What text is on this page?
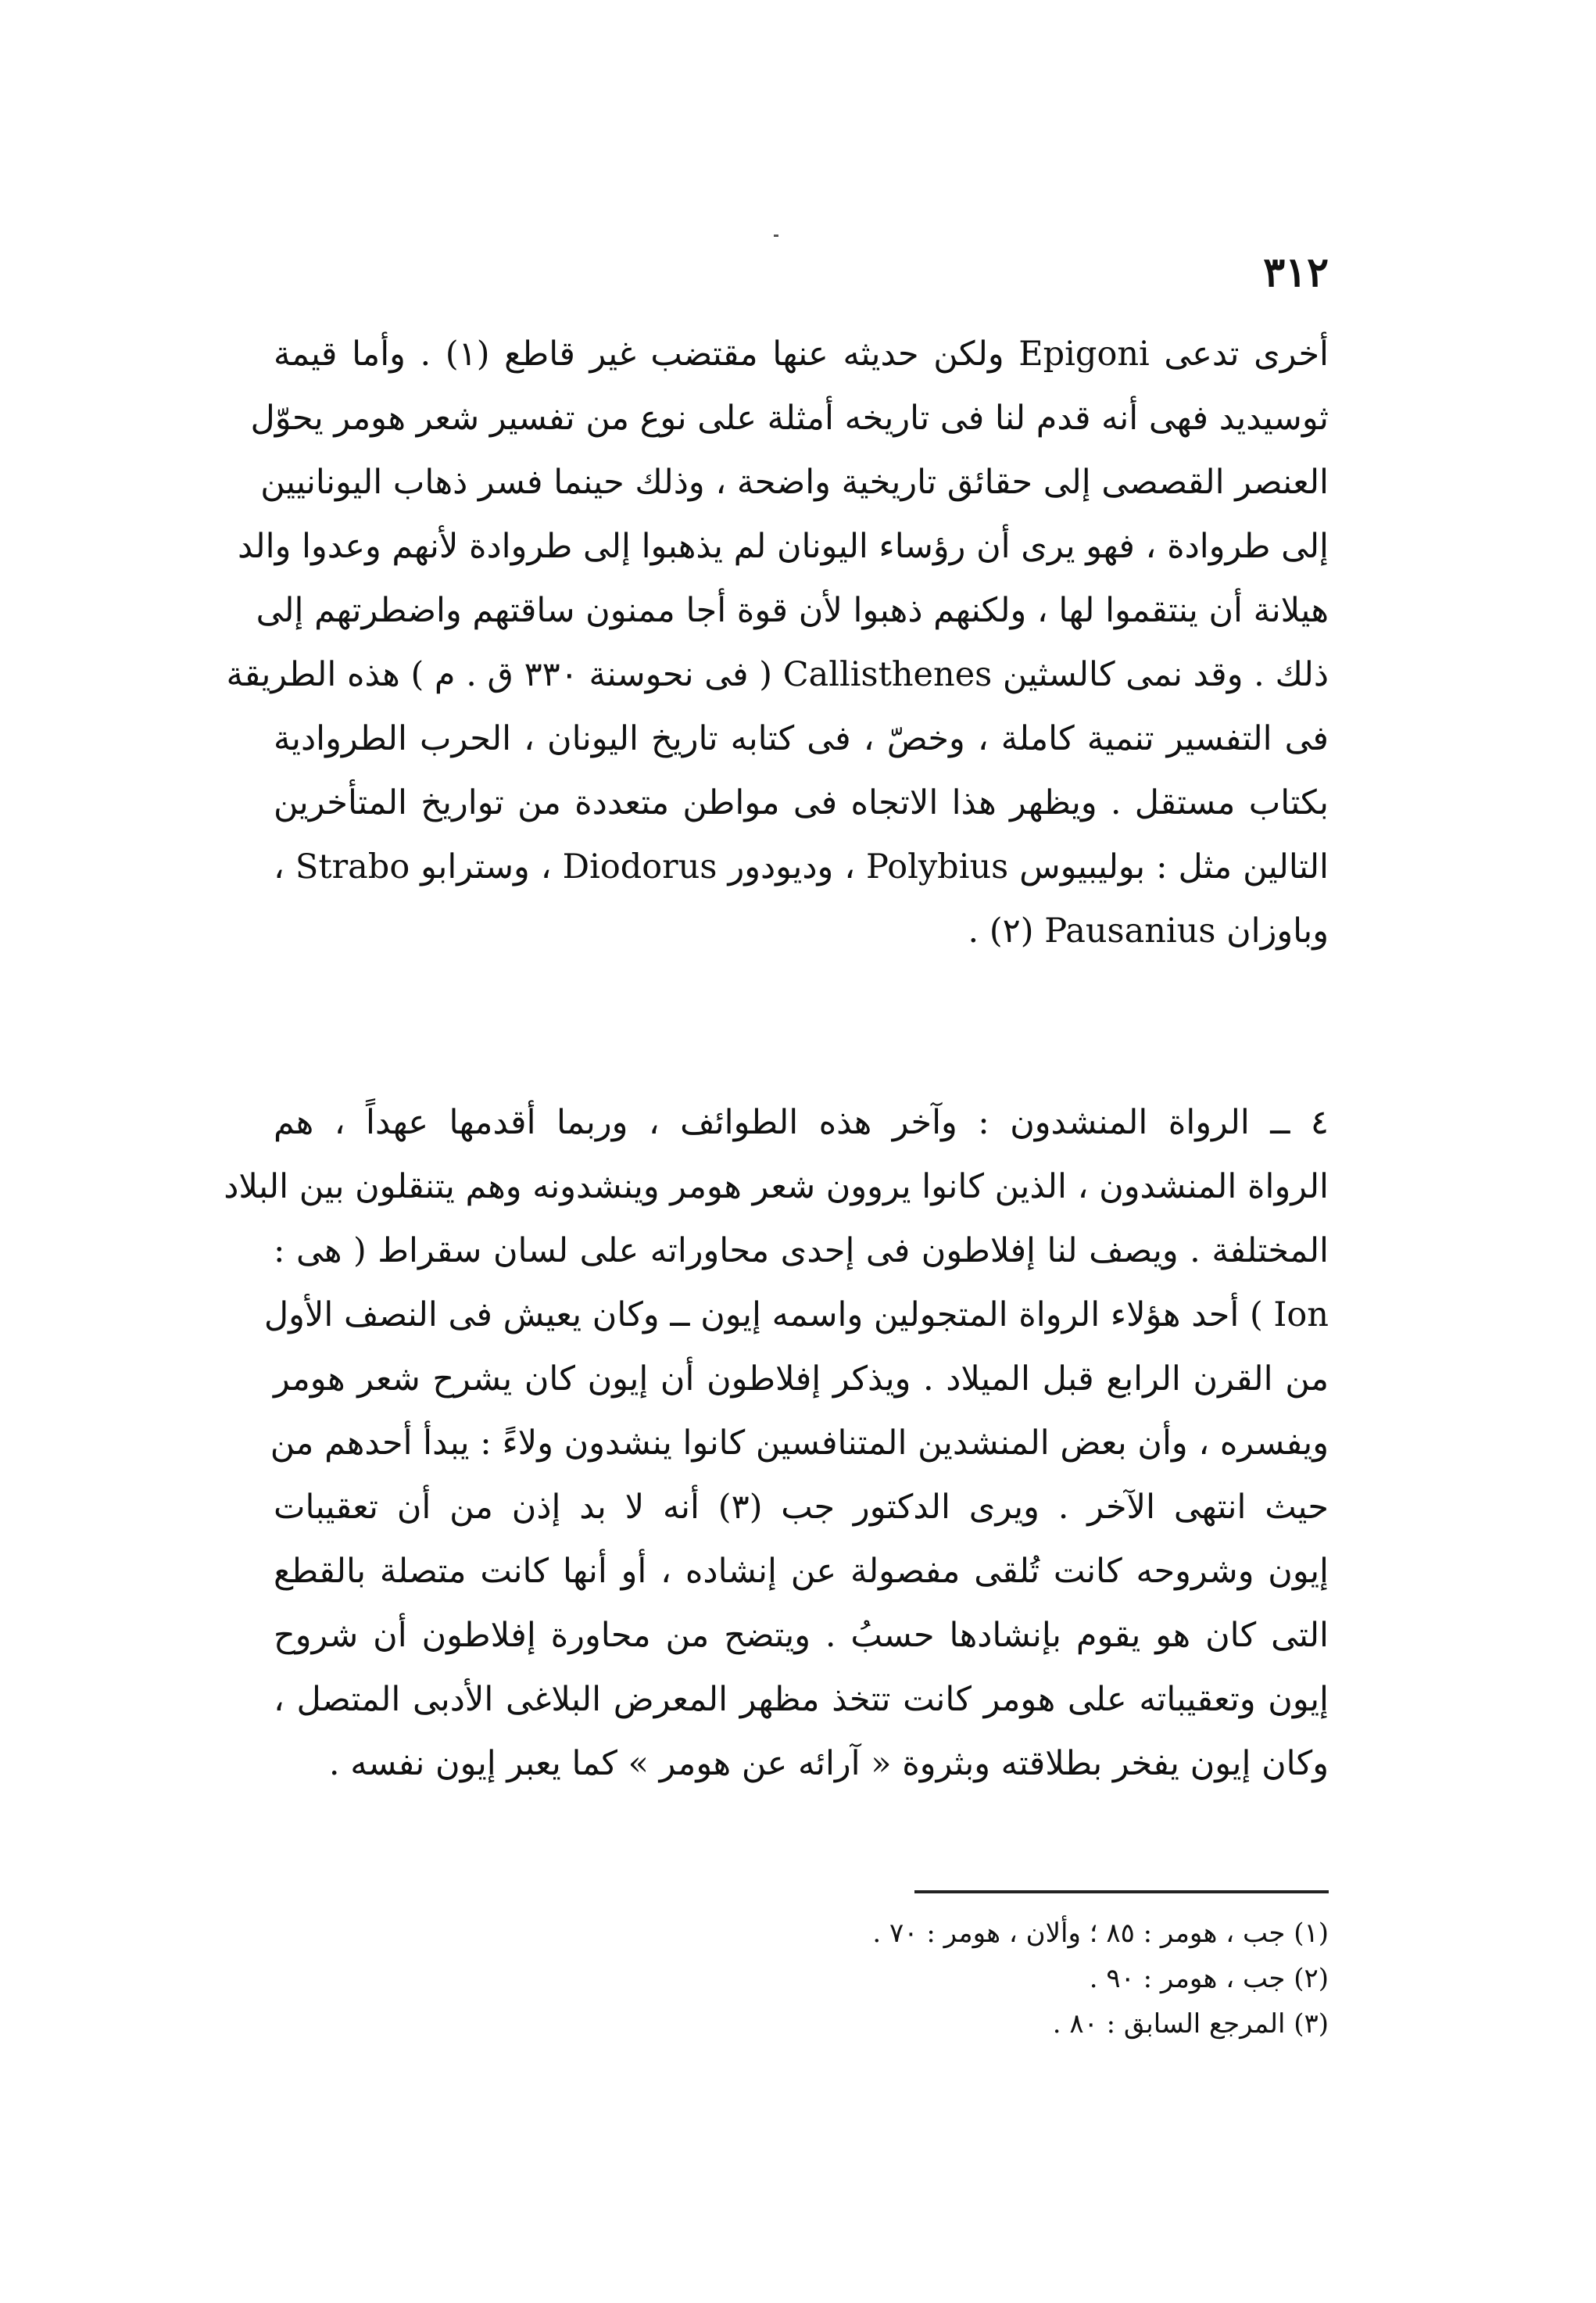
٣١٢
أخرى تدعى Epigoni ولكن حديثه عنها مقتضب غير قاطع (١) . وأما قيمة
ثوسيديد فهى أنه قدم لنا فى تاريخه أمثلة على نوع من تفسير شعر هومر يحوّل
العنصر القصصى إلى حقائق تاريخية واضحة ، وذلك حينما فسر ذهاب اليونانيين
إلى طروادة ، فهو يرى أن رؤساء اليونان لم يذهبوا إلى طروادة لأنهم وعدوا والد
هيلانة أن ينتقموا لها ، ولكنهم ذهبوا لأن قوة أجا ممنون ساقتهم واضطرتهم إلى
ذلك . وقد نمى كالسثين Callisthenes ( فى نحوسنة ٣٣٠ ق . م ) هذه الطريقة
فى التفسير تنمية كاملة ، وخصّ ، فى كتابه تاريخ اليونان ، الحرب الطروادية
بكتاب مستقل . ويظهر هذا الاتجاه فى مواطن متعددة من تواريخ المتأخرين
التالين مثل : بوليبيوس Polybius ، وديودور Diodorus ، وسترابو Strabo ،
وباوزان Pausanius (٢) .
٤ ــ الرواة المنشدون : وآخر هذه الطوائف ، وربما أقدمها عهداً ، هم
الرواة المنشدون ، الذين كانوا يروون شعر هومر وينشدونه وهم يتنقلون بين البلاد
المختلفة . ويصف لنا إفلاطون فى إحدى محاوراته على لسان سقراط ( هى :
Ion ) أحد هؤلاء الرواة المتجولين واسمه إيون ــ وكان يعيش فى النصف الأول
من القرن الرابع قبل الميلاد . ويذكر إفلاطون أن إيون كان يشرح شعر هومر
ويفسره ، وأن بعض المنشدين المتنافسين كانوا ينشدون ولاءً : يبدأ أحدهم من
حيث انتهى الآخر . ويرى الدكتور جب (٣) أنه لا بد إذن من أن تعقيبات
إيون وشروحه كانت تُلقى مفصولة عن إنشاده ، أو أنها كانت متصلة بالقطع
التى كان هو يقوم بإنشادها حسبُ . ويتضح من محاورة إفلاطون أن شروح
إيون وتعقيباته على هومر كانت تتخذ مظهر المعرض البلاغى الأدبى المتصل ،
وكان إيون يفخر بطلاقته وبثروة « آرائه عن هومر » كما يعبر إيون نفسه .
(١) جب ، هومر : ٨٥ ؛ وألان ، هومر : ٧٠ .
(٢) جب ، هومر : ٩٠ .
(٣) المرجع السابق : ٨٠ .
